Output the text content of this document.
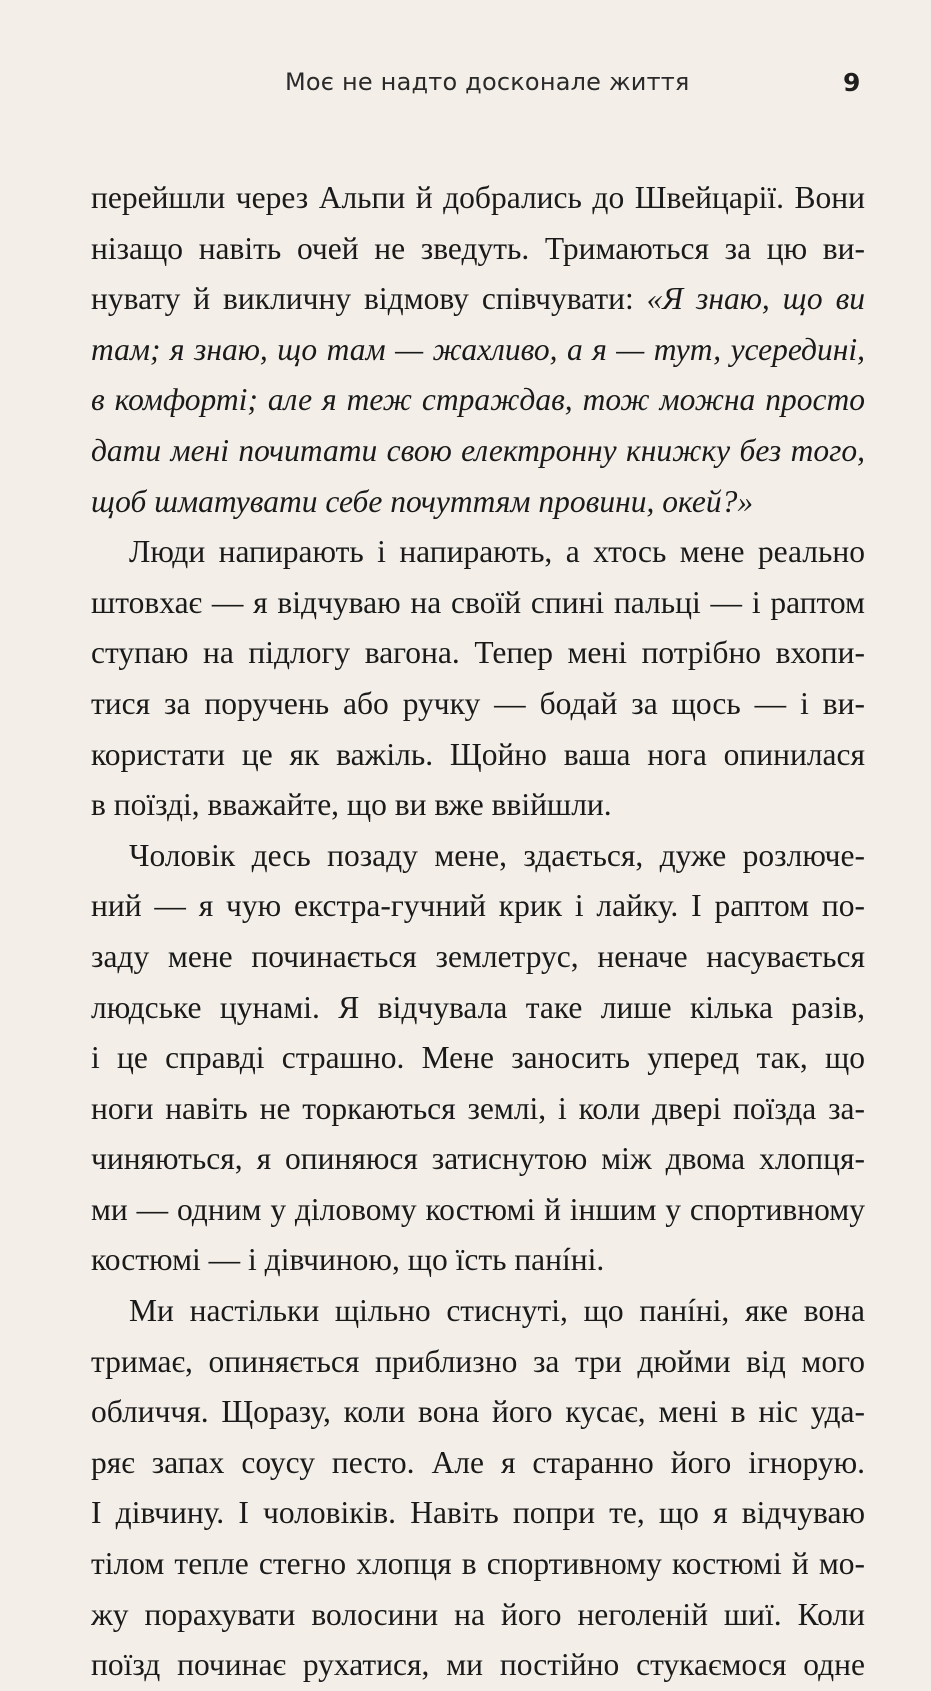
Моє не надто досконале життя	9
перейшли через Альпи й добрались до Швейцарії. Вони
нізащо навіть очей не зведуть. Тримаються за цю ви-
нувату й викличну відмову співчувати: «Я знаю, що ви
там; я знаю, що там — жахливо, а я — тут, усередині,
в комфорті; але я теж страждав, тож можна просто
дати мені почитати свою електронну книжку без того,
щоб шматувати себе почуттям провини, окей?»
Люди напирають і напирають, а хтось мене реально
штовхає — я відчуваю на своїй спині пальці — і раптом
ступаю на підлогу вагона. Тепер мені потрібно вхопи-
тися за поручень або ручку — бодай за щось — і ви-
користати це як важіль. Щойно ваша нога опинилася
в поїзді, вважайте, що ви вже ввійшли.
Чоловік десь позаду мене, здається, дуже розлюче-
ний — я чую екстра-гучний крик і лайку. І раптом по-
заду мене починається землетрус, неначе насувається
людське цунамі. Я відчувала таке лише кілька разів,
і це справді страшно. Мене заносить уперед так, що
ноги навіть не торкаються землі, і коли двері поїзда за-
чиняються, я опиняюся затиснутою між двома хлопця-
ми — одним у діловому костюмі й іншим у спортивному
костюмі — і дівчиною, що їсть панíні.
Ми настільки щільно стиснуті, що панíні, яке вона
тримає, опиняється приблизно за три дюйми від мого
обличчя. Щоразу, коли вона його кусає, мені в ніс уда-
ряє запах соусу песто. Але я старанно його ігнорую.
І дівчину. І чоловіків. Навіть попри те, що я відчуваю
тілом тепле стегно хлопця в спортивному костюмі й мо-
жу порахувати волосини на його неголеній шиї. Коли
поїзд починає рухатися, ми постійно стукаємося одне
